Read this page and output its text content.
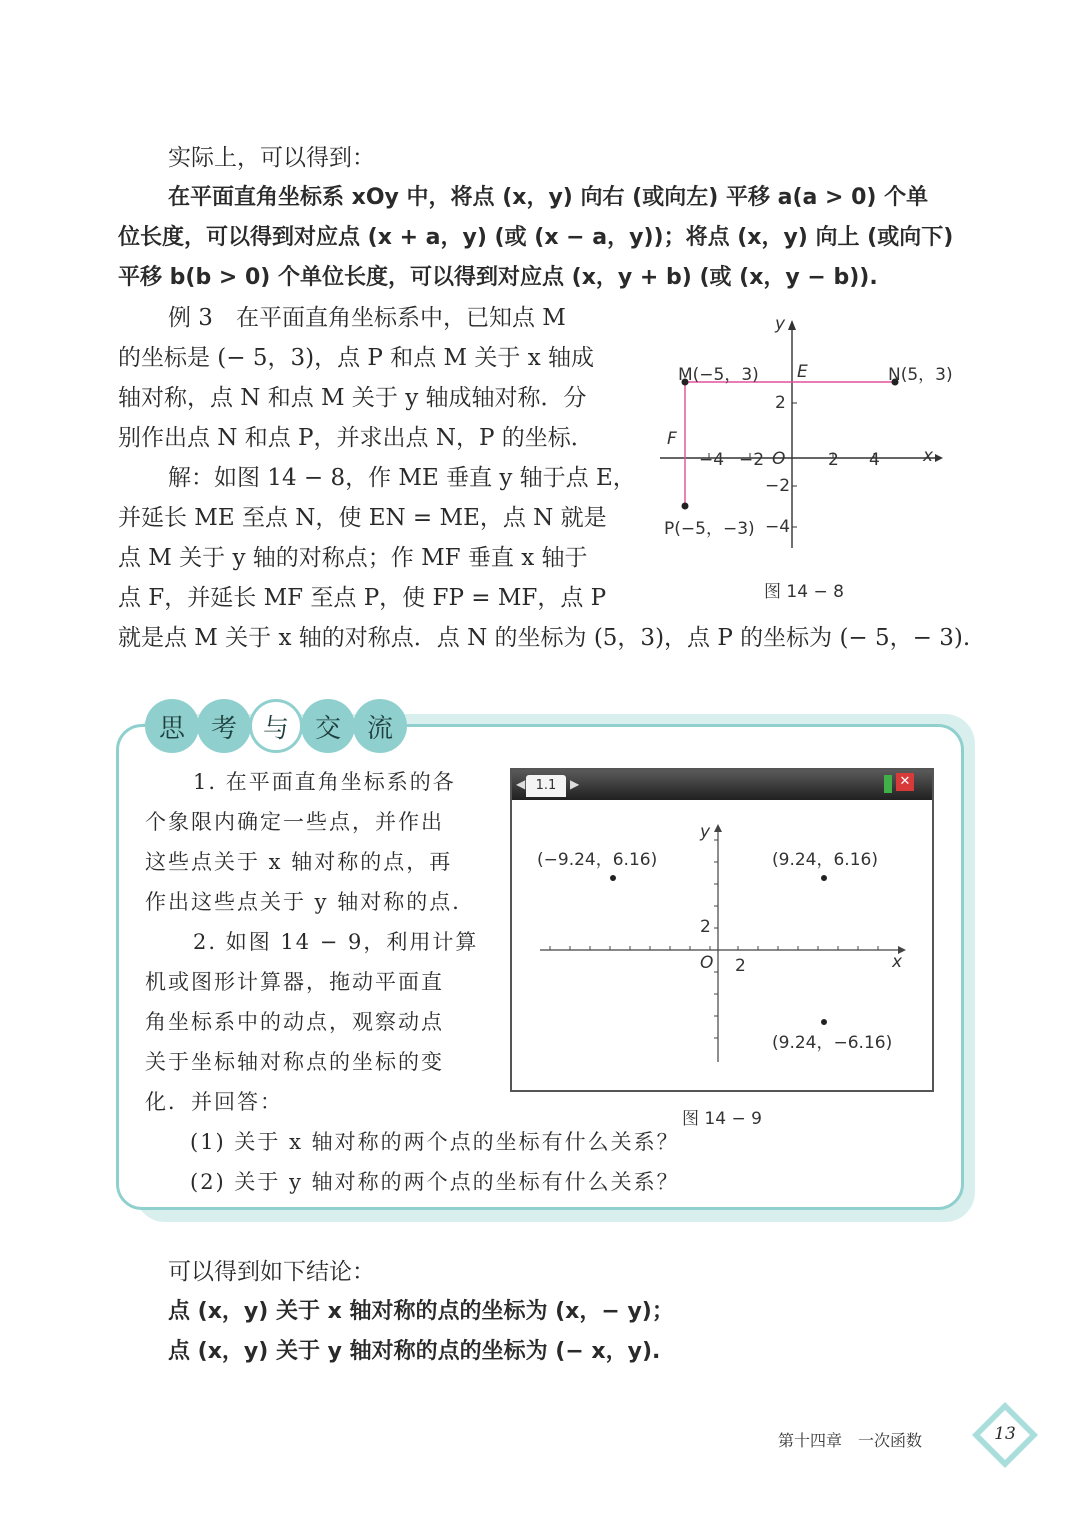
实际上，可以得到：
在平面直角坐标系 xOy 中，将点 (x，y) 向右 (或向左) 平移 a(a > 0) 个单
位长度，可以得到对应点 (x + a，y) (或 (x − a，y))；将点 (x，y) 向上 (或向下)
平移 b(b > 0) 个单位长度，可以得到对应点 (x，y + b) (或 (x，y − b)).
例 3　在平面直角坐标系中，已知点 M
的坐标是 (− 5，3)，点 P 和点 M 关于 x 轴成
轴对称，点 N 和点 M 关于 y 轴成轴对称．分
别作出点 N 和点 P，并求出点 N，P 的坐标．
解：如图 14 − 8，作 ME 垂直 y 轴于点 E，
并延长 ME 至点 N，使 EN = ME，点 N 就是
点 M 关于 y 轴的对称点；作 MF 垂直 x 轴于
点 F，并延长 MF 至点 P，使 FP = MF，点 P
就是点 M 关于 x 轴的对称点．点 N 的坐标为 (5，3)，点 P 的坐标为 (− 5，− 3).
y
x
O
E
F
M(−5，3)	N(5，3)
P(−5，−3)
−4 −2	2 4
2
−2
−4
图 14 − 8
思 考 与 交 流
1. 在平面直角坐标系的各
个象限内确定一些点，并作出
这些点关于 x 轴对称的点，再
作出这些点关于 y 轴对称的点．
2. 如图 14 − 9，利用计算
机或图形计算器，拖动平面直
角坐标系中的动点，观察动点
关于坐标轴对称点的坐标的变
化．并回答：
(1) 关于 x 轴对称的两个点的坐标有什么关系？
(2) 关于 y 轴对称的两个点的坐标有什么关系？
◀ 1.1	▶	✕
y
x
O 2
2
(−9.24，6.16)	(9.24，6.16)
(9.24，−6.16)
图 14 − 9
可以得到如下结论：
点 (x，y) 关于 x 轴对称的点的坐标为 (x，− y)；
点 (x，y) 关于 y 轴对称的点的坐标为 (− x，y).
第十四章　一次函数	13
